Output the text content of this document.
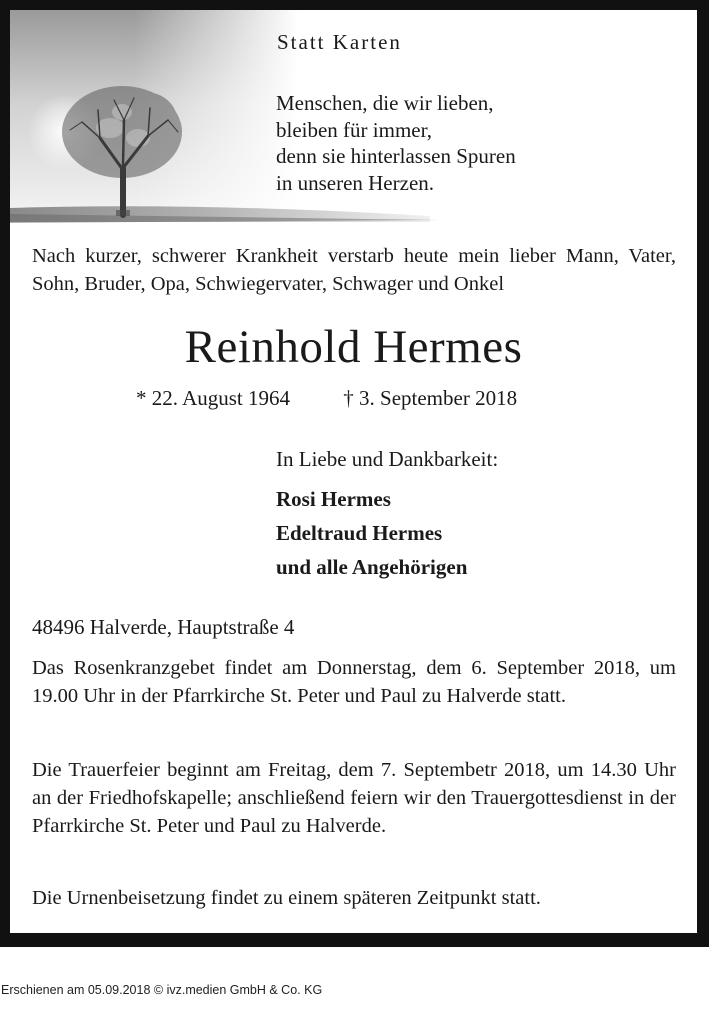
Statt Karten
Menschen, die wir lieben,
bleiben für immer,
denn sie hinterlassen Spuren
in unseren Herzen.
Nach kurzer, schwerer Krankheit verstarb heute mein lieber Mann, Vater, Sohn, Bruder, Opa, Schwiegervater, Schwager und Onkel
Reinhold Hermes
* 22. August 1964	† 3. September 2018
In Liebe und Dankbarkeit:
Rosi Hermes
Edeltraud Hermes
und alle Angehörigen
48496 Halverde, Hauptstraße 4
Das Rosenkranzgebet findet am Donnerstag, dem 6. September 2018, um 19.00 Uhr in der Pfarrkirche St. Peter und Paul zu Halverde statt.
Die Trauerfeier beginnt am Freitag, dem 7. Septembetr 2018, um 14.30 Uhr an der Friedhofskapelle; anschließend feiern wir den Trauergottesdienst in der Pfarrkirche St. Peter und Paul zu Halverde.
Die Urnenbeisetzung findet zu einem späteren Zeitpunkt statt.
Erschienen am 05.09.2018 © ivz.medien GmbH & Co. KG
